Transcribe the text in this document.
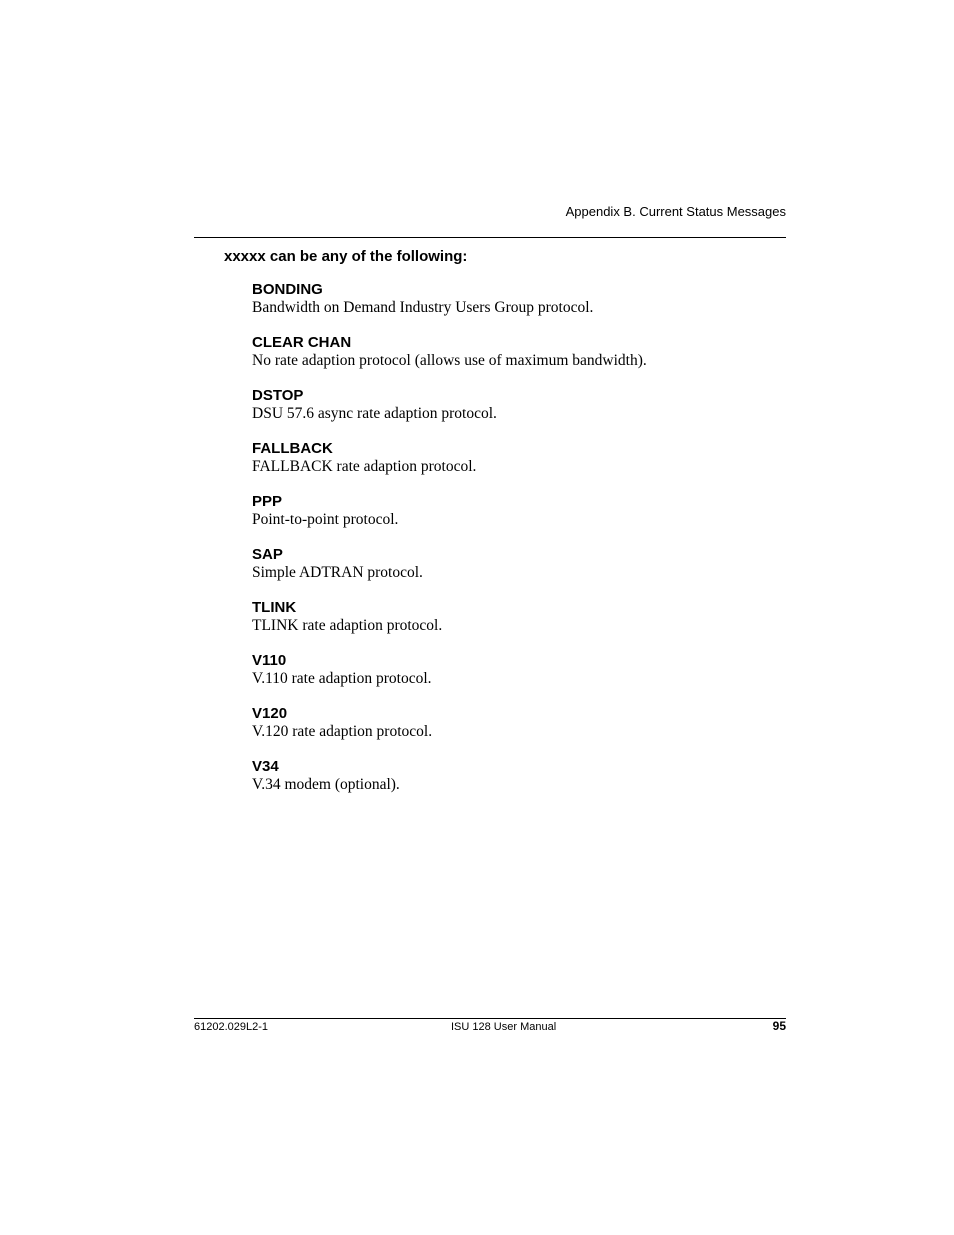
Appendix B. Current Status Messages
xxxxx can be any of the following:

BONDING

Bandwidth on Demand Industry Users Group protocol.

CLEAR CHAN

No rate adaption protocol (allows use of maximum bandwidth).

DSTOP

DSU 57.6 async rate adaption protocol.

FALLBACK

FALLBACK rate adaption protocol.

PPP

Point-to-point protocol.

SAP

Simple ADTRAN protocol.

TLINK

TLINK rate adaption protocol.

V110

V.110 rate adaption protocol.

V120

V.120 rate adaption protocol.

V34

V.34 modem (optional).

61202.029L2-1	ISU 128 User Manual	95
